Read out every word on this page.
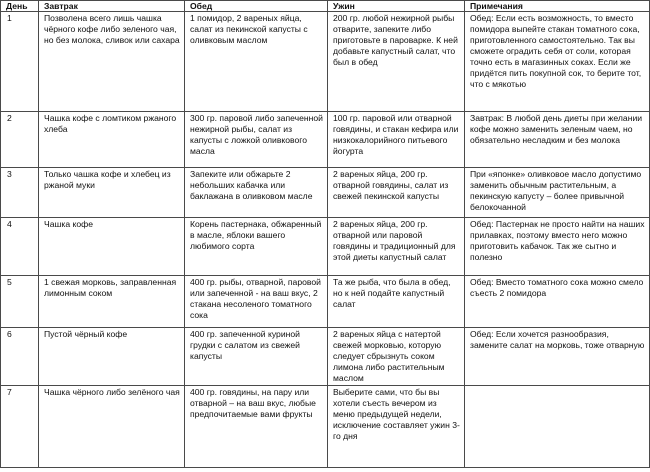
День	Завтрак	Обед	Ужин	Примечания
1	Позволена всего лишь чашка чёрного кофе либо зеленого чая, но без молока, сливок или сахара	1 помидор, 2 вареных яйца, салат из пекинской капусты с оливковым маслом	200 гр. любой нежирной рыбы отварите, запеките либо приготовьте в пароварке. К ней добавьте капустный салат, что был в обед	Обед: Если есть возможность, то вместо помидора выпейте стакан томатного сока, приготовленного самостоятельно. Так вы сможете оградить себя от соли, которая точно есть в магазинных соках. Если же придётся пить покупной сок, то берите тот, что с мякотью
2	Чашка кофе с ломтиком ржаного хлеба	300 гр. паровой либо запеченной нежирной рыбы, салат из капусты с ложкой оливкового масла	100 гр. паровой или отварной говядины, и стакан кефира или низкокалорийного питьевого йогурта	Завтрак: В любой день диеты при желании кофе можно заменить зеленым чаем, но обязательно несладким и без молока
3	Только чашка кофе и хлебец из ржаной муки	Запеките или обжарьте 2 небольших кабачка или баклажана в оливковом масле	2 вареных яйца, 200 гр. отварной говядины, салат из свежей пекинской капусты	При «японке» оливковое масло допустимо заменить обычным растительным, а пекинскую капусту – более привычной белокочанной
4	Чашка кофе	Корень пастернака, обжаренный в масле, яблоки вашего любимого сорта	2 вареных яйца, 200 гр. отварной или паровой говядины и традиционный для этой диеты капустный салат	Обед: Пастернак не просто найти на наших прилавках, поэтому вместо него можно приготовить кабачок. Так же сытно и полезно
5	1 свежая морковь, заправленная лимонным соком	400 гр. рыбы, отварной, паровой или запеченной - на ваш вкус, 2 стакана несоленого томатного сока	Та же рыба, что была в обед, но к ней подайте капустный салат	Обед: Вместо томатного сока можно смело съесть 2 помидора
6	Пустой чёрный кофе	400 гр. запеченной куриной грудки с салатом из свежей капусты	2 вареных яйца с натертой свежей морковью, которую следует сбрызнуть соком лимона либо растительным маслом	Обед: Если хочется разнообразия, замените салат на морковь, тоже отварную
7	Чашка чёрного либо зелёного чая	400 гр. говядины, на пару или отварной – на ваш вкус, любые предпочитаемые вами фрукты	Выберите сами, что бы вы хотели съесть вечером из меню предыдущей недели, исключение составляет ужин 3-го дня	
